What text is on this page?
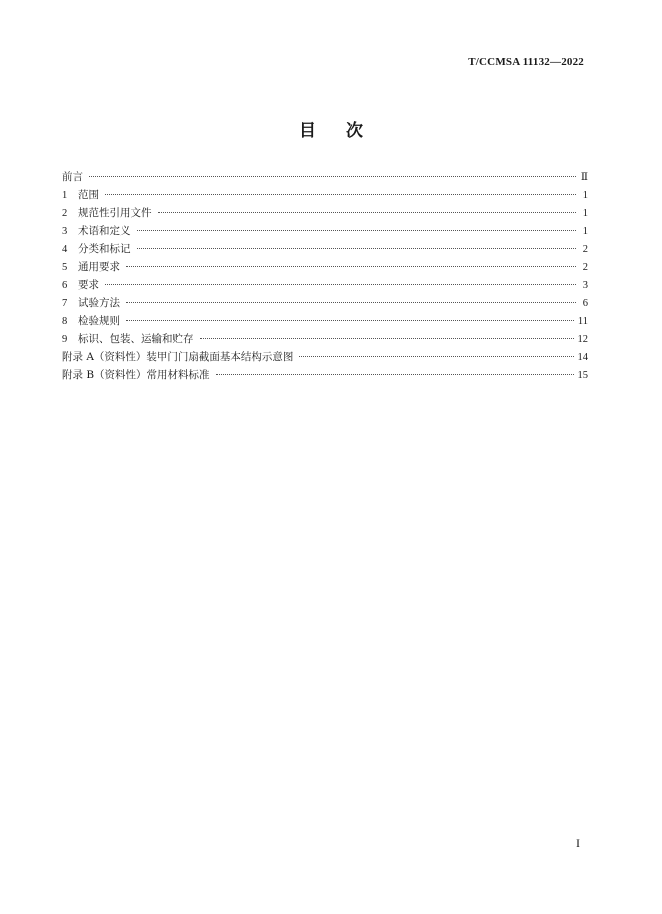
T/CCMSA 11132—2022
目次
前言	Ⅱ
1	范围	1
2	规范性引用文件	1
3	术语和定义	1
4	分类和标记	2
5	通用要求	2
6	要求	3
7	试验方法	6
8	检验规则	11
9	标识、包装、运输和贮存	12
附录 A（资料性）装甲门门扇截面基本结构示意图	14
附录 B（资料性）常用材料标准	15
I
